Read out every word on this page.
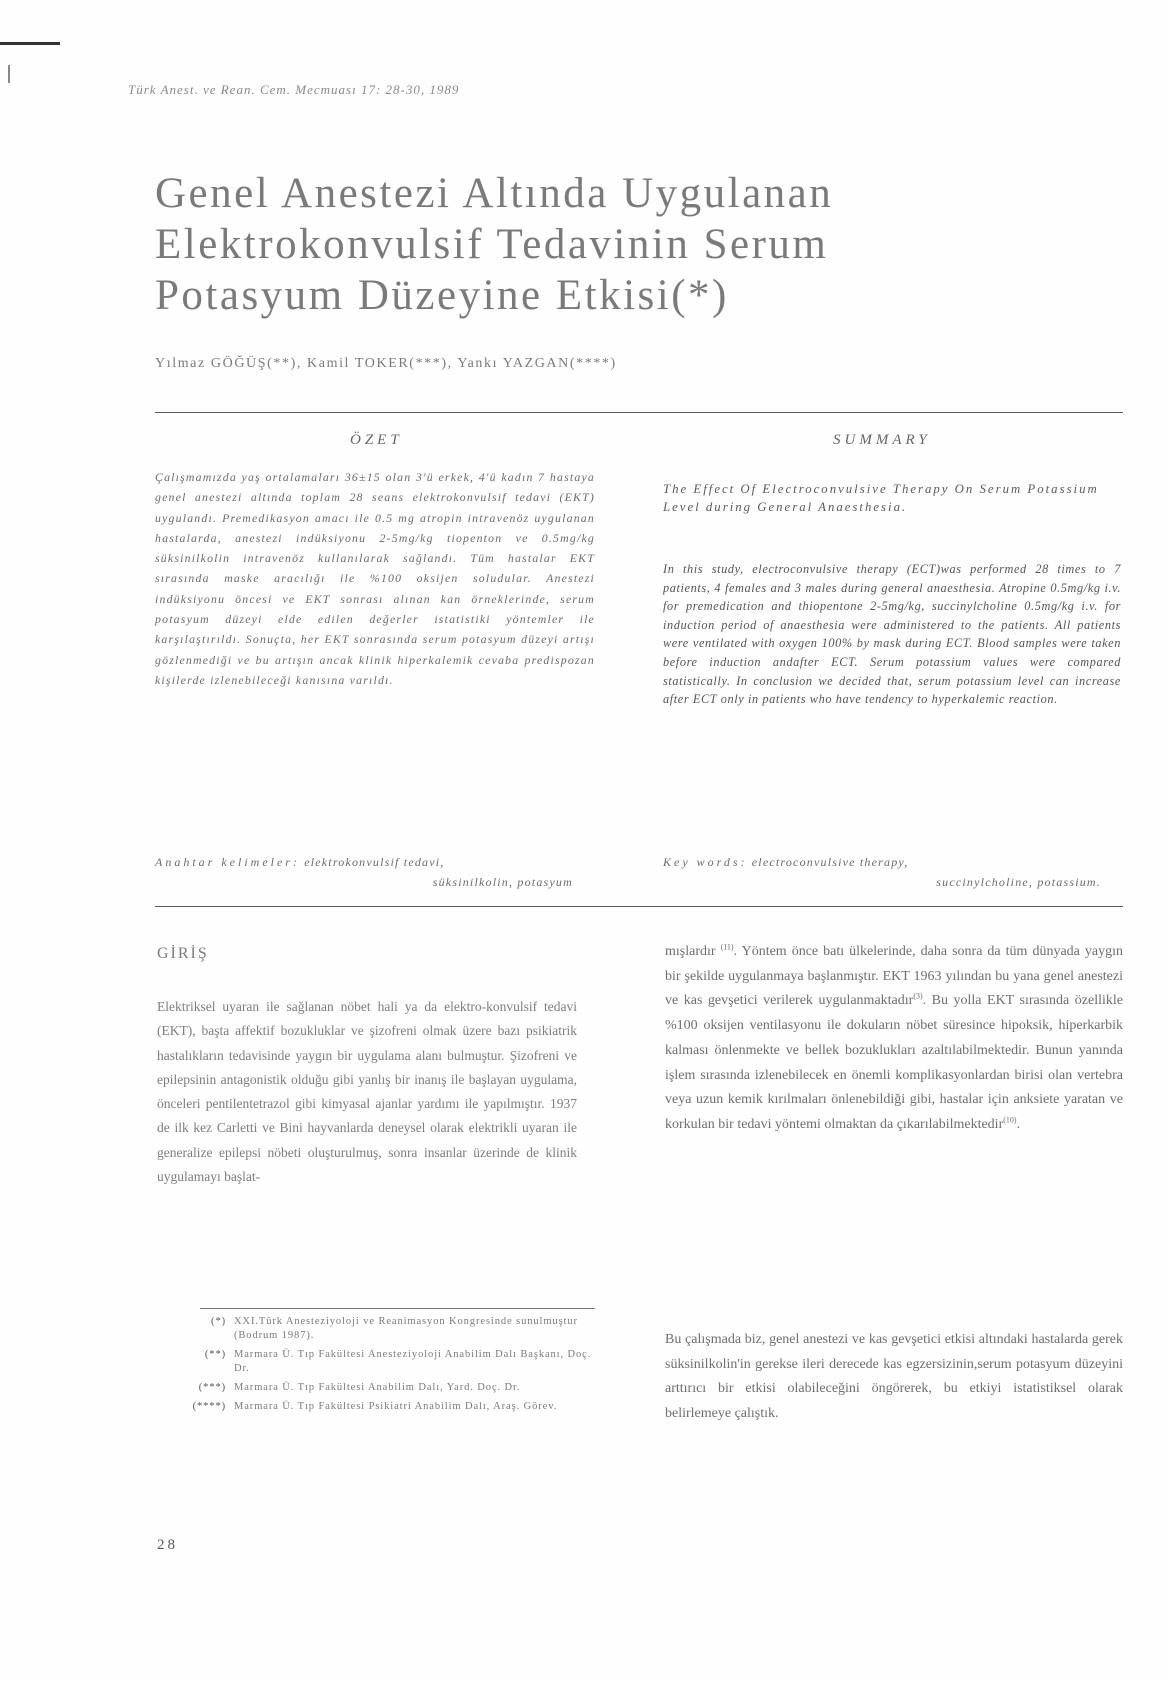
Türk Anest. ve Rean. Cem. Mecmuası 17: 28-30, 1989
Genel Anestezi Altında Uygulanan Elektrokonvulsif Tedavinin Serum Potasyum Düzeyine Etkisi(*)
Yılmaz GÖĞÜŞ(**), Kamil TOKER(***), Yankı YAZGAN(****)
ÖZET	SUMMARY

Çalışmamızda yaş ortalamaları 36±15 olan 3'ü erkek, 4'ü kadın 7 hastaya genel anestezi altında toplam 28 seans elektrokonvulsif tedavi (EKT) uygulandı. Premedikasyon amacı ile 0.5 mg atropin intravenöz uygulanan hastalarda, anestezi indüksiyonu 2-5mg/kg tiopenton ve 0.5mg/kg süksinilkolin intravenöz kullanılarak sağlandı. Tüm hastalar EKT sırasında maske aracılığı ile %100 oksijen soludular. Anestezi indüksiyonu öncesi ve EKT sonrası alınan kan örneklerinde, serum potasyum düzeyi elde edilen değerler istatistiki yöntemler ile karşılaştırıldı. Sonuçta, her EKT sonrasında serum potasyum düzeyi artışı gözlenmediği ve bu artışın ancak klinik hiperkalemik cevaba predispozan kişilerde izlenebileceği kanısına varıldı.

The Effect Of Electroconvulsive Therapy On Serum Potassium Level during General Anaesthesia.

In this study, electroconvulsive therapy (ECT)was performed 28 times to 7 patients, 4 females and 3 males during general anaesthesia. Atropine 0.5mg/kg i.v. for premedication and thiopentone 2-5mg/kg, succinylcholine 0.5mg/kg i.v. for induction period of anaesthesia were administered to the patients. All patients were ventilated with oxygen 100% by mask during ECT. Blood samples were taken before induction andafter ECT. Serum potassium values were compared statistically. In conclusion we decided that, serum potassium level can increase after ECT only in patients who have tendency to hyperkalemic reaction.

Anahtar kelimeler: elektrokonvulsif tedavi,
süksinilkolin, potasyum

Key words: electroconvulsive therapy,
succinylcholine, potassium.

GİRİŞ

Elektriksel uyaran ile sağlanan nöbet hali ya da elektro-konvulsif tedavi (EKT), başta affektif bozukluklar ve şizofreni olmak üzere bazı psikiatrik hastalıkların tedavisinde yaygın bir uygulama alanı bulmuştur. Şizofreni ve epilepsinin antagonistik olduğu gibi yanlış bir inanış ile başlayan uygulama, önceleri pentilentetrazol gibi kimyasal ajanlar yardımı ile yapılmıştır. 1937 de ilk kez Carletti ve Bini hayvanlarda deneysel olarak elektrikli uyaran ile generalize epilepsi nöbeti oluşturulmuş, sonra insanlar üzerinde de klinik uygulamayı başlat-

mışlardır $^{(11)}$. Yöntem önce batı ülkelerinde, daha sonra da tüm dünyada yaygın bir şekilde uygulanmaya başlanmıştır. EKT 1963 yılından bu yana genel anestezi ve kas gevşetici verilerek uygulanmaktadır$^{(3)}$. Bu yolla EKT sırasında özellikle %100 oksijen ventilasyonu ile dokuların nöbet süresince hipoksik, hiperkarbik kalması önlenmekte ve bellek bozuklukları azaltılabilmektedir. Bunun yanında işlem sırasında izlenebilecek en önemli komplikasyonlardan birisi olan vertebra veya uzun kemik kırılmaları önlenebildiği gibi, hastalar için anksiete yaratan ve korkulan bir tedavi yöntemi olmaktan da çıkarılabilmektedir$^{(10)}$.

Bu çalışmada biz, genel anestezi ve kas gevşetici etkisi altındaki hastalarda gerek süksinilkolin'in gerekse ileri derecede kas egzersizinin,serum potasyum düzeyini arttırıcı bir etkisi olabileceğini öngörerek, bu etkiyi istatistiksel olarak belirlemeye çalıştık.

(*) XXI.Türk Anesteziyoloji ve Reanimasyon Kongresinde sunulmuştur (Bodrum 1987).
(**) Marmara Ü. Tıp Fakültesi Anesteziyoloji Anabilim Dalı Başkanı, Doç. Dr.
(***) Marmara Ü. Tıp Fakültesi Anabilim Dalı, Yard. Doç. Dr.
(****) Marmara Ü. Tıp Fakültesi Psikiatri Anabilim Dalı, Araş. Görev.
28
